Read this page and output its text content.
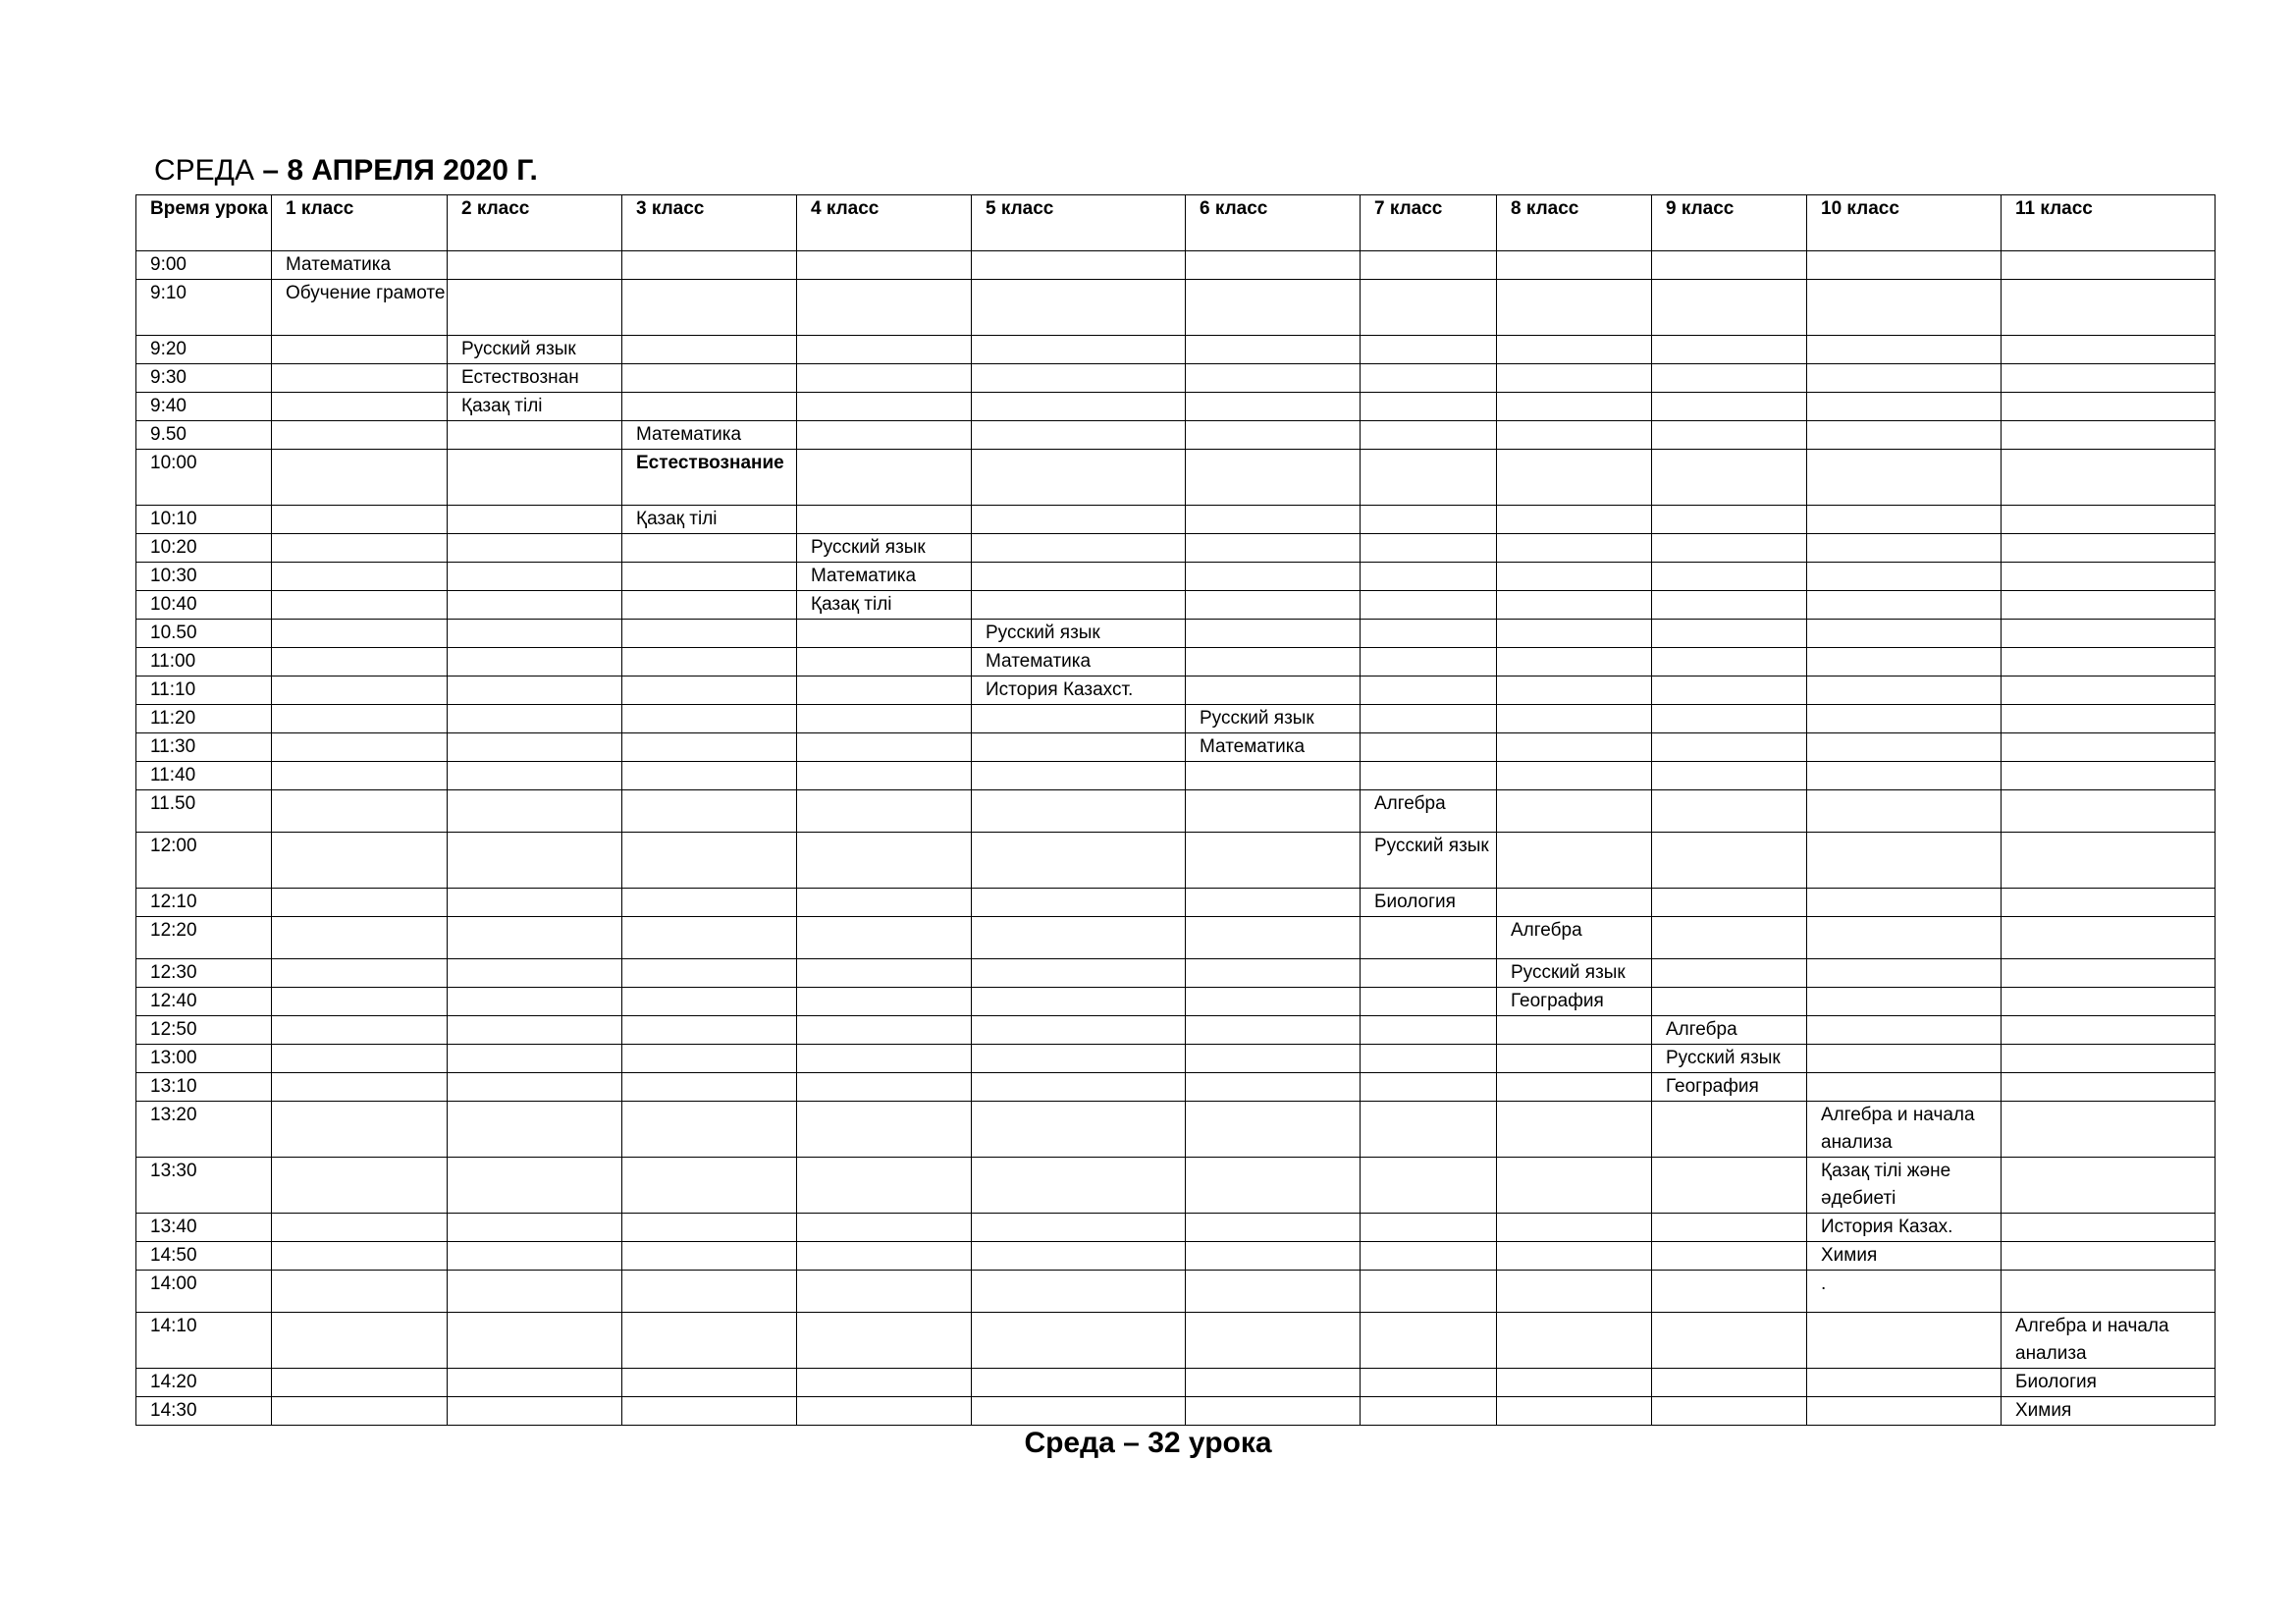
СРЕДА – 8 АПРЕЛЯ 2020 Г.
Время урока	1 класс	2 класс	3 класс	4 класс	5 класс	6 класс	7 класс	8 класс	9 класс	10 класс	11 класс
9:00	Математика										
9:10	Обучение грамоте										
9:20		Русский язык									
9:30		Естествознан									
9:40		Қазақ тілі									
9.50			Математика								
10:00			Естествознание								
10:10			Қазақ тілі								
10:20				Русский язык							
10:30				Математика							
10:40				Қазақ тілі							
10.50					Русский язык						
11:00					Математика						
11:10					История Казахст.						
11:20						Русский язык					
11:30						Математика					
11:40											
11.50							Алгебра				
12:00							Русский язык				
12:10							Биология				
12:20								Алгебра			
12:30								Русский язык			
12:40								География			
12:50									Алгебра		
13:00									Русский язык		
13:10									География		
13:20										Алгебра и начала анализа	
13:30										Қазақ тілі және әдебиеті	
13:40										История Казах.	
14:50										Химия	
14:00										.	
14:10											Алгебра и начала анализа
14:20											Биология
14:30											Химия
Среда – 32 урока
